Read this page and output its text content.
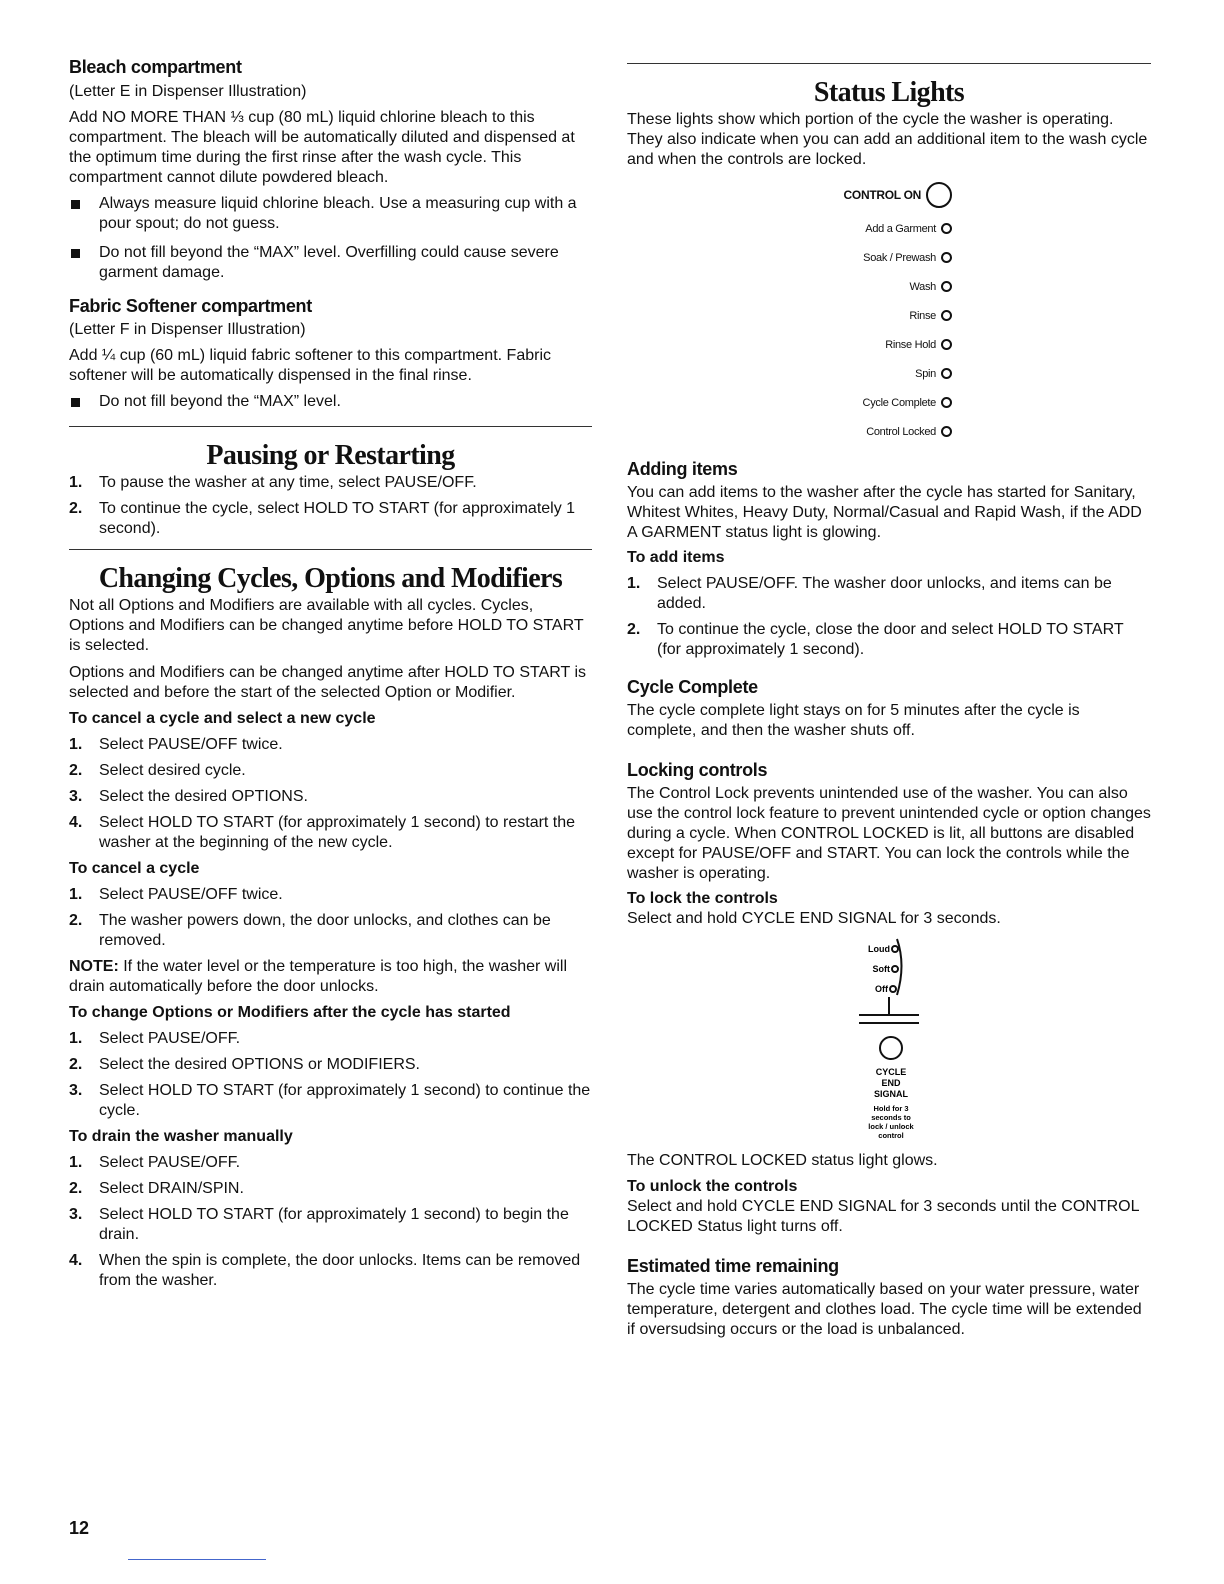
Bleach compartment

(Letter E in Dispenser Illustration)

Add NO MORE THAN ⅓ cup (80 mL) liquid chlorine bleach to this compartment. The bleach will be automatically diluted and dispensed at the optimum time during the first rinse after the wash cycle. This compartment cannot dilute powdered bleach.

Always measure liquid chlorine bleach. Use a measuring cup with a pour spout; do not guess.
Do not fill beyond the “MAX” level. Overfilling could cause severe garment damage.
Fabric Softener compartment

(Letter F in Dispenser Illustration)

Add ¼ cup (60 mL) liquid fabric softener to this compartment. Fabric softener will be automatically dispensed in the final rinse.

Do not fill beyond the “MAX” level.
Pausing or Restarting
1. To pause the washer at any time, select PAUSE/OFF.
2. To continue the cycle, select HOLD TO START (for approximately 1 second).
Changing Cycles, Options and Modifiers

Not all Options and Modifiers are available with all cycles. Cycles, Options and Modifiers can be changed anytime before HOLD TO START is selected.

Options and Modifiers can be changed anytime after HOLD TO START is selected and before the start of the selected Option or Modifier.

To cancel a cycle and select a new cycle

1. Select PAUSE/OFF twice.
2. Select desired cycle.
3. Select the desired OPTIONS.
4. Select HOLD TO START (for approximately 1 second) to restart the washer at the beginning of the new cycle.

To cancel a cycle

1. Select PAUSE/OFF twice.
2. The washer powers down, the door unlocks, and clothes can be removed.

NOTE: If the water level or the temperature is too high, the washer will drain automatically before the door unlocks.

To change Options or Modifiers after the cycle has started

1. Select PAUSE/OFF.
2. Select the desired OPTIONS or MODIFIERS.
3. Select HOLD TO START (for approximately 1 second) to continue the cycle.

To drain the washer manually

1. Select PAUSE/OFF.
2. Select DRAIN/SPIN.
3. Select HOLD TO START (for approximately 1 second) to begin the drain.
4. When the spin is complete, the door unlocks. Items can be removed from the washer.
Status Lights

These lights show which portion of the cycle the washer is operating. They also indicate when you can add an additional item to the wash cycle and when the controls are locked.

CONTROL ON
Add a Garment
Soak / Prewash
Wash
Rinse
Rinse Hold
Spin
Cycle Complete
Control Locked
Adding items

You can add items to the washer after the cycle has started for Sanitary, Whitest Whites, Heavy Duty, Normal/Casual and Rapid Wash, if the ADD A GARMENT status light is glowing.

To add items

1. Select PAUSE/OFF. The washer door unlocks, and items can be added.
2. To continue the cycle, close the door and select HOLD TO START (for approximately 1 second).
Cycle Complete

The cycle complete light stays on for 5 minutes after the cycle is complete, and then the washer shuts off.

Locking controls

The Control Lock prevents unintended use of the washer. You can also use the control lock feature to prevent unintended cycle or option changes during a cycle. When CONTROL LOCKED is lit, all buttons are disabled except for PAUSE/OFF and START. You can lock the controls while the washer is operating.

To lock the controls

Select and hold CYCLE END SIGNAL for 3 seconds.

Loud
Soft
Off
CYCLE
END
SIGNAL
Hold for 3
seconds to
lock / unlock
control

The CONTROL LOCKED status light glows.

To unlock the controls

Select and hold CYCLE END SIGNAL for 3 seconds until the CONTROL LOCKED Status light turns off.

Estimated time remaining

The cycle time varies automatically based on your water pressure, water temperature, detergent and clothes load. The cycle time will be extended if oversudsing occurs or the load is unbalanced.

12
